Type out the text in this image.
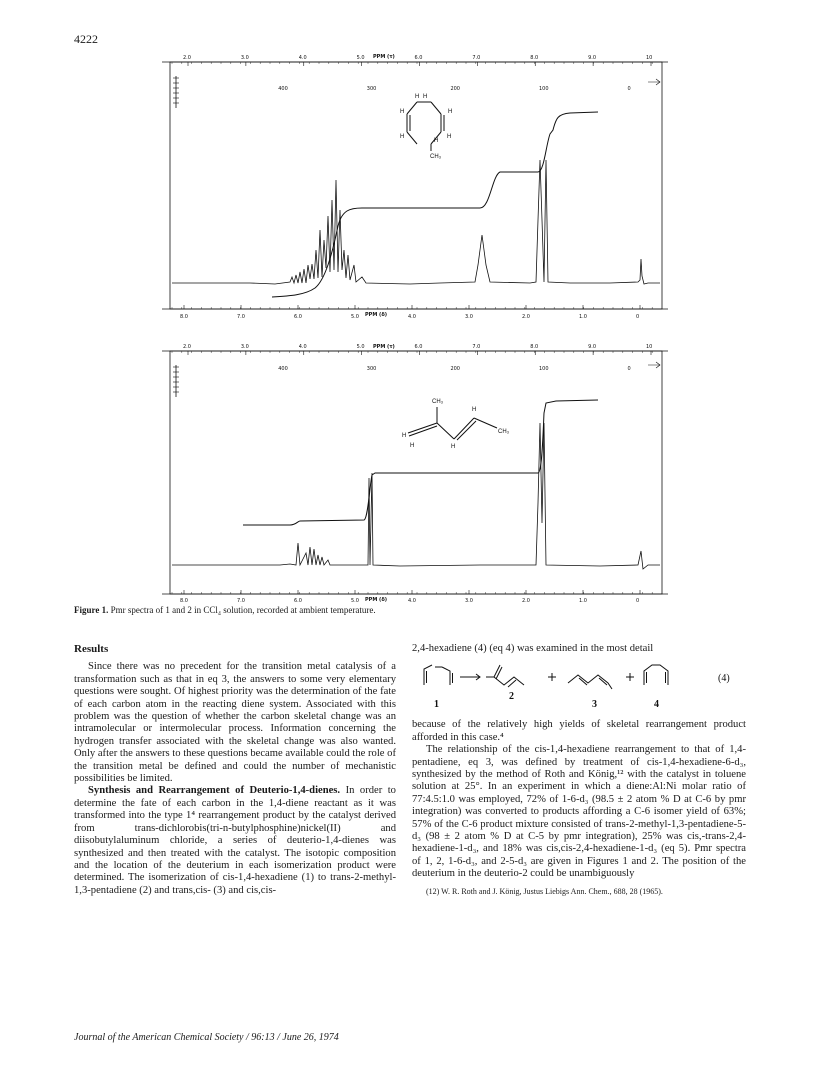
4222
2.0	3.0	4.0	5.0	6.0	7.0	8.0	9.0	10
400	300	200	100	0
8.0	7.0	6.0	5.0	4.0	3.0	2.0	1.0	0
PPM (τ)
PPM (δ)
H H
H	H
H	H
H
CH₃
2.0	3.0	4.0	5.0	6.0	7.0	8.0	9.0	10
400	300	200	100	0
8.0	7.0	6.0	5.0	4.0	3.0	2.0	1.0	0
PPM (τ)
PPM (δ)
CH₃
H
H	H
H
CH₃
Figure 1. Pmr spectra of 1 and 2 in CCl₄ solution, recorded at ambient temperature.

Results

Since there was no precedent for the transition metal catalysis of a transformation such as that in eq 3, the answers to some very elementary questions were sought. Of highest priority was the determination of the fate of each carbon atom in the reacting diene system. Associated with this problem was the question of whether the carbon skeletal change was an intramolecular or intermolecular process. Information concerning the hydrogen transfer associated with the skeletal change was also wanted. Only after the answers to these questions became available could the role of the transition metal be defined and could the number of mechanistic possibilities be limited.

Synthesis and Rearrangement of Deuterio-1,4-dienes. In order to determine the fate of each carbon in the 1,4-diene reactant as it was transformed into the type 1⁴ rearrangement product by the catalyst derived from trans-dichlorobis(tri-n-butylphosphine)nickel(II) and diisobutylaluminum chloride, a series of deuterio-1,4-dienes was synthesized and then treated with the catalyst. The isotopic composition and the location of the deuterium in each isomerization product were determined. The isomerization of cis-1,4-hexadiene (1) to trans-2-methyl-1,3-pentadiene (2) and trans,cis- (3) and cis,cis-

2,4-hexadiene (4) (eq 4) was examined in the most detail

1
2
3	4
(4)

because of the relatively high yields of skeletal rearrangement product afforded in this case.⁴

The relationship of the cis-1,4-hexadiene rearrangement to that of 1,4-pentadiene, eq 3, was defined by treatment of cis-1,4-hexadiene-6-d₃, synthesized by the method of Roth and König,¹² with the catalyst in toluene solution at 25°. In an experiment in which a diene:Al:Ni molar ratio of 77:4.5:1.0 was employed, 72% of 1-6-d₃ (98.5 ± 2 atom % D at C-6 by pmr integration) was converted to products affording a C-6 isomer yield of 63%; 57% of the C-6 product mixture consisted of trans-2-methyl-1,3-pentadiene-5-d₃ (98 ± 2 atom % D at C-5 by pmr integration), 25% was cis,-trans-2,4-hexadiene-1-d₃, and 18% was cis,cis-2,4-hexadiene-1-d₃ (eq 5). Pmr spectra of 1, 2, 1-6-d₃, and 2-5-d₃ are given in Figures 1 and 2. The position of the deuterium in the deuterio-2 could be unambiguously

(12) W. R. Roth and J. König, Justus Liebigs Ann. Chem., 688, 28 (1965).

Journal of the American Chemical Society / 96:13 / June 26, 1974
